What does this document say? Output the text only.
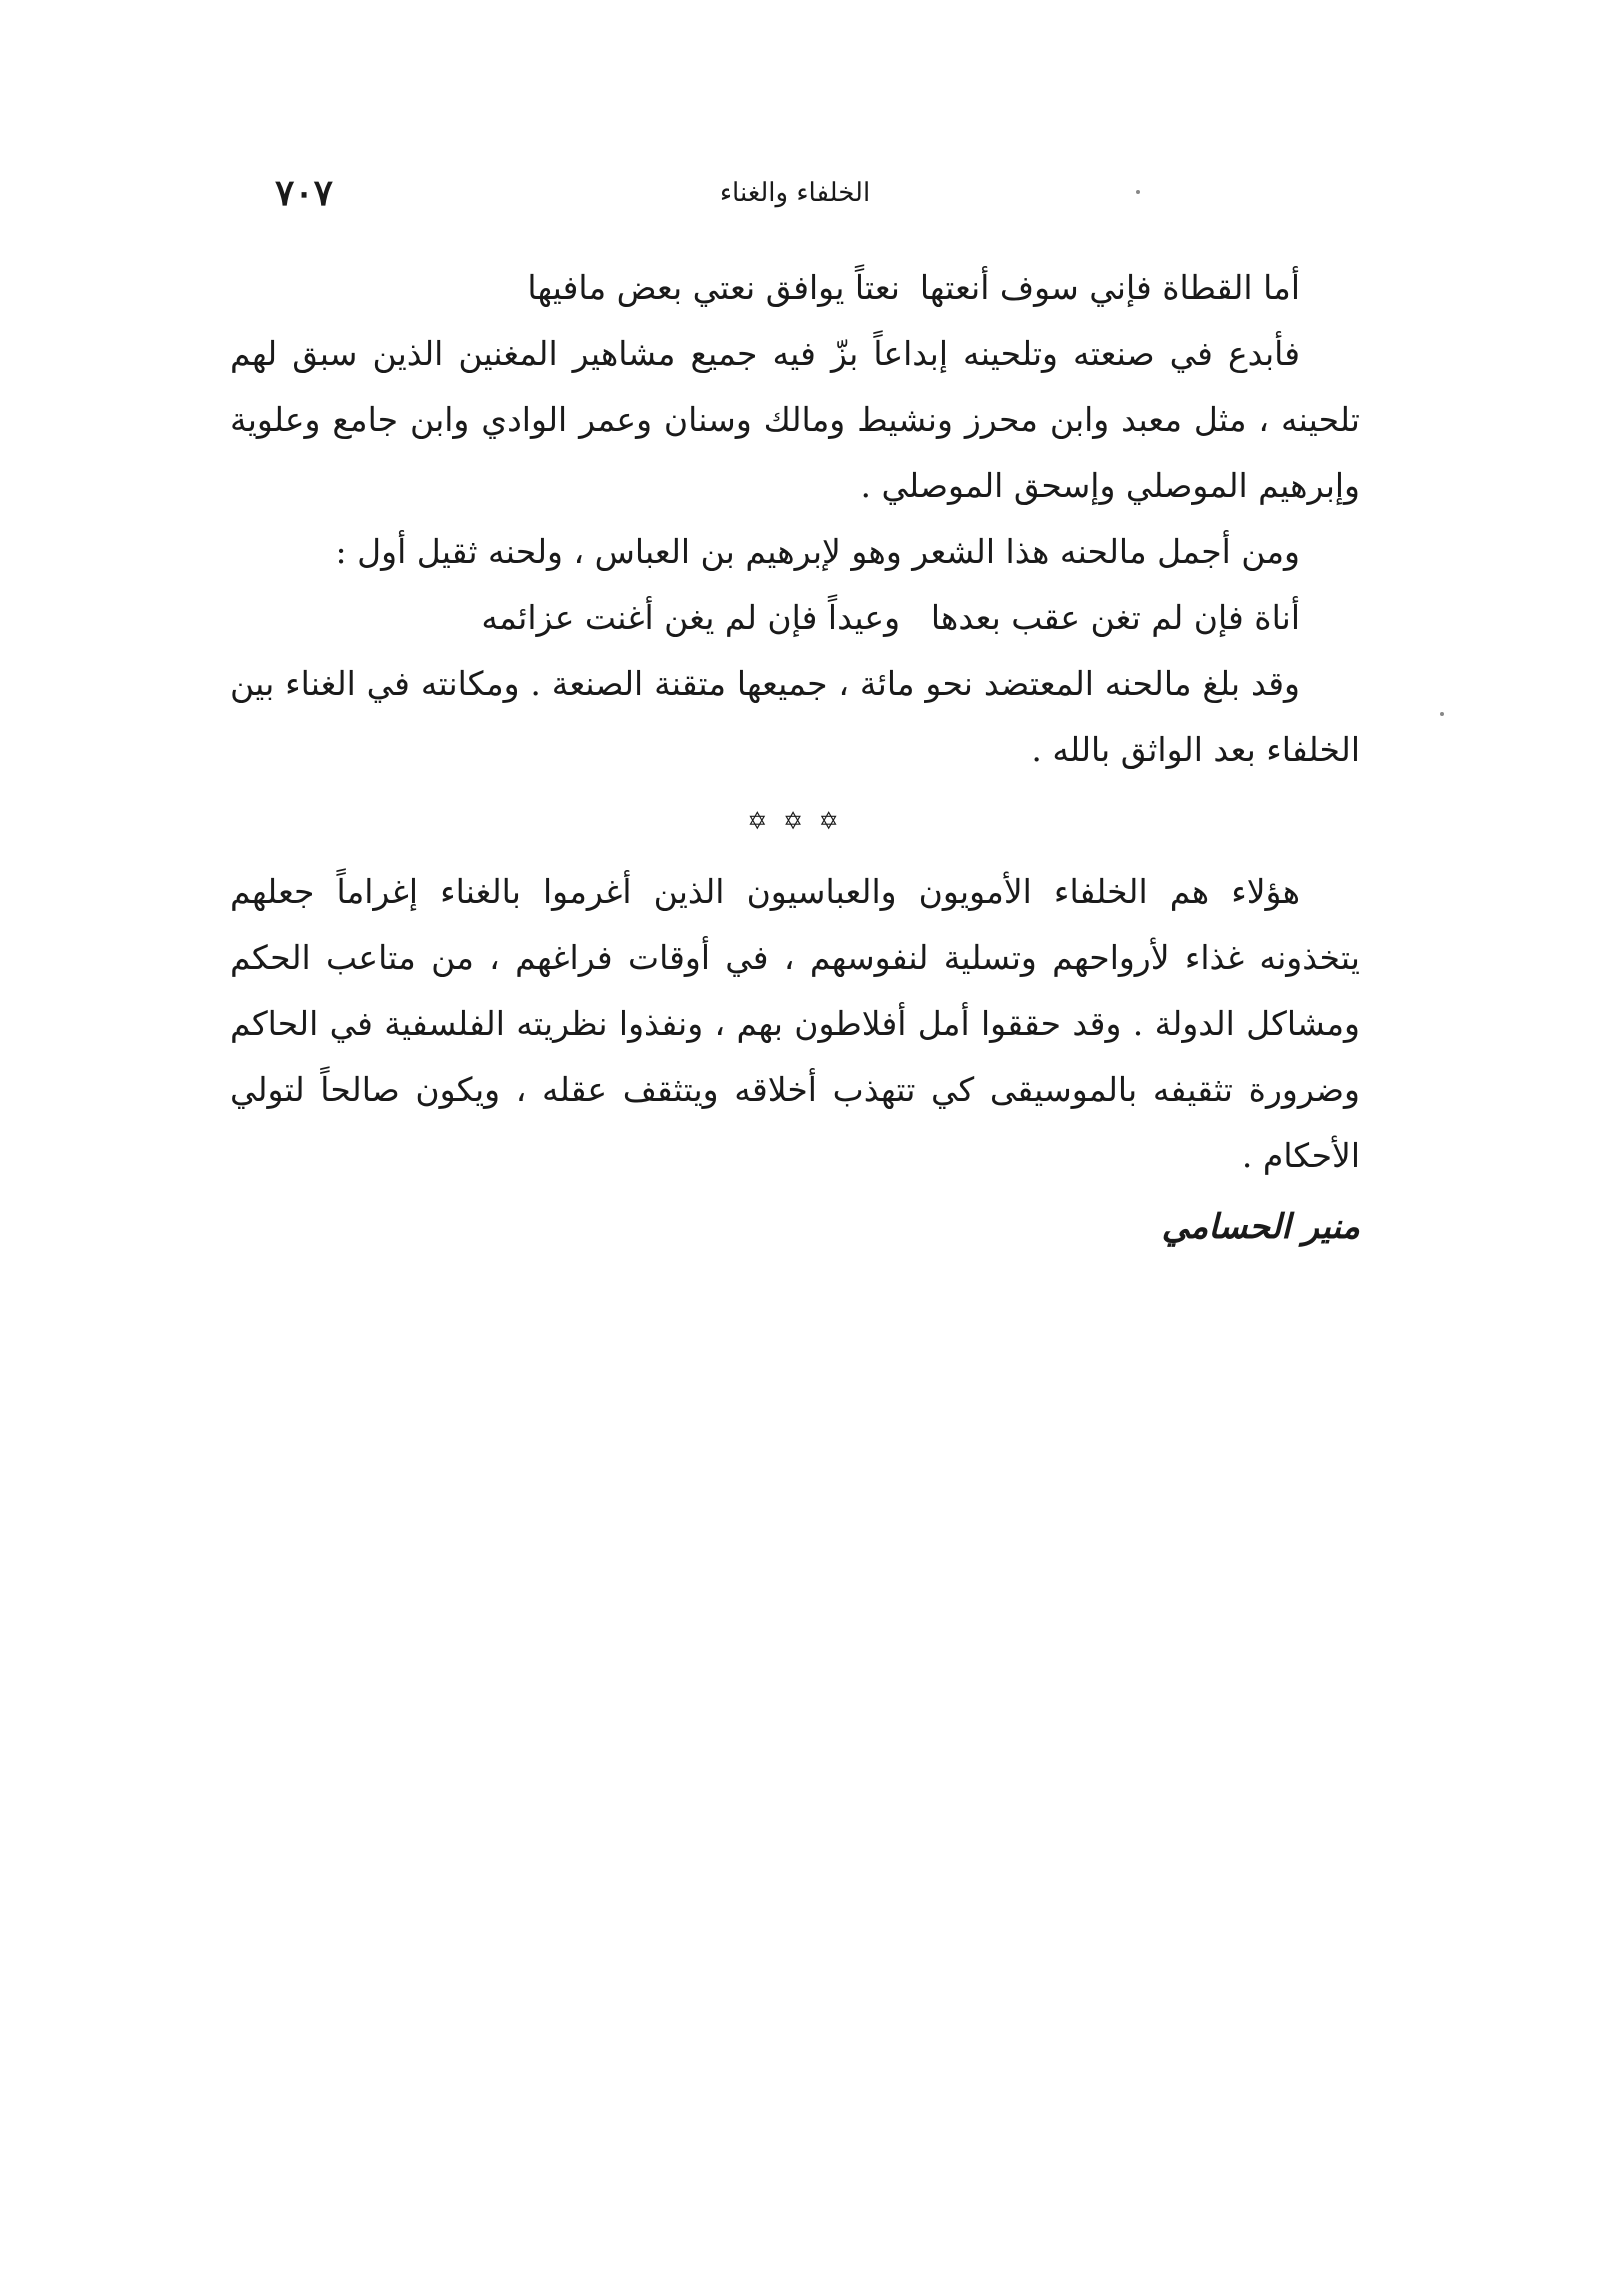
الخلفاء والغناء
٧٠٧
أما القطاة فإني سوف أنعتها
نعتاً يوافق نعتي بعض مافيها

فأبدع في صنعته وتلحينه إبداعاً بزّ فيه جميع مشاهير المغنين الذين سبق لهم تلحينه ، مثل معبد وابن محرز ونشيط ومالك وسنان وعمر الوادي وابن جامع وعلوية وإبرهيم الموصلي وإسحق الموصلي .

ومن أجمل مالحنه هذا الشعر وهو لإبرهيم بن العباس ، ولحنه ثقيل أول :

أناة فإن لم تغن عقب بعدها
وعيداً فإن لم يغن أغنت عزائمه

وقد بلغ مالحنه المعتضد نحو مائة ، جميعها متقنة الصنعة . ومكانته في الغناء بين الخلفاء بعد الواثق بالله .

✡ ✡ ✡

هؤلاء هم الخلفاء الأمويون والعباسيون الذين أغرموا بالغناء إغراماً جعلهم يتخذونه غذاء لأرواحهم وتسلية لنفوسهم ، في أوقات فراغهم ، من متاعب الحكم ومشاكل الدولة . وقد حققوا أمل أفلاطون بهم ، ونفذوا نظريته الفلسفية في الحاكم وضرورة تثقيفه بالموسيقى كي تتهذب أخلاقه ويتثقف عقله ، ويكون صالحاً لتولي الأحكام .

منير الحسامي
